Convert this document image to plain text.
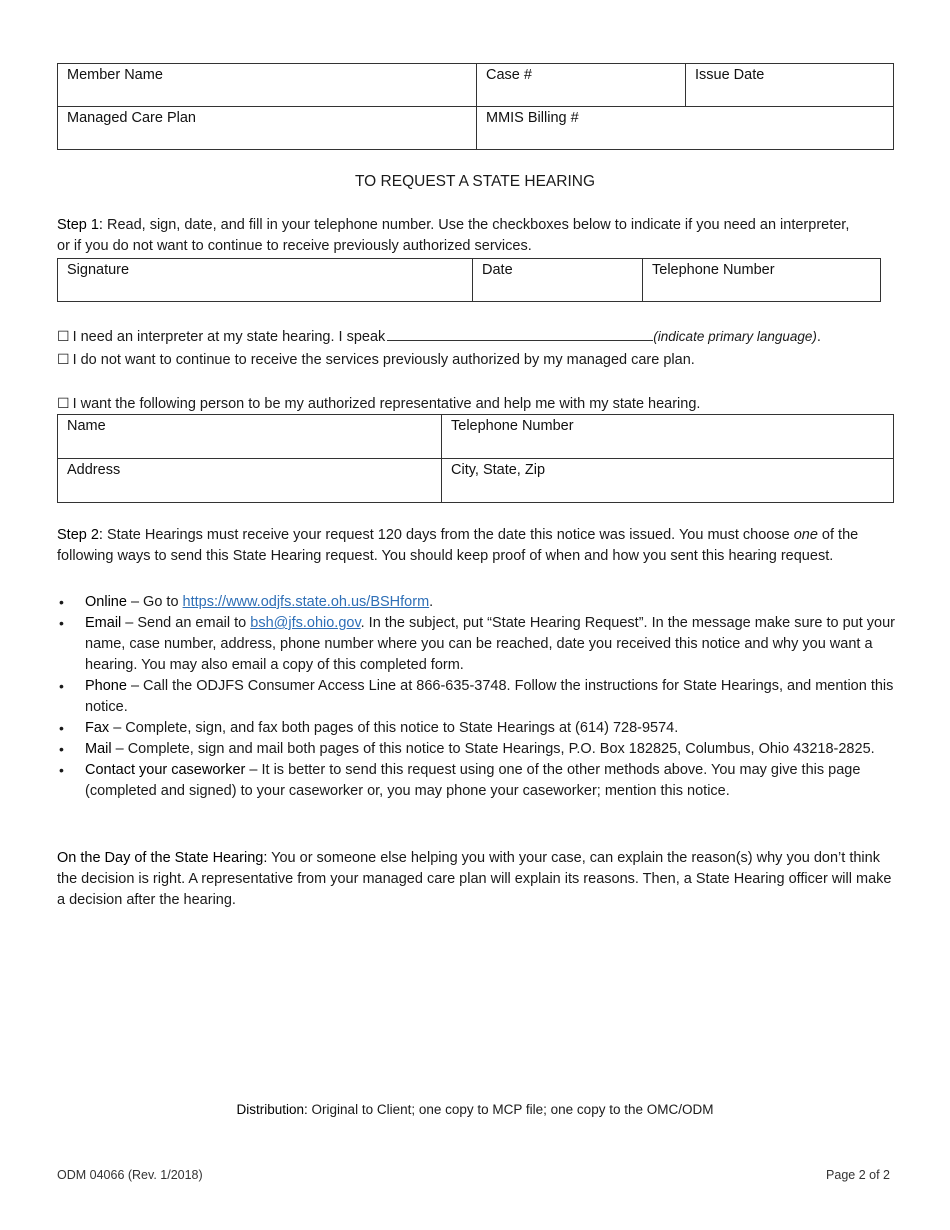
Member Name	Case #	Issue Date
Managed Care Plan	MMIS Billing #	
TO REQUEST A STATE HEARING

Step 1: Read, sign, date, and fill in your telephone number. Use the checkboxes below to indicate if you need an interpreter, or if you do not want to continue to receive previously authorized services.

Signature	Date	Telephone Number
☐ I need an interpreter at my state hearing. I speak	(indicate primary language).
☐ I do not want to continue to receive the services previously authorized by my managed care plan.
☐ I want the following person to be my authorized representative and help me with my state hearing.
Name	Telephone Number
Address	City, State, Zip

Step 2: State Hearings must receive your request 120 days from the date this notice was issued. You must choose one of the following ways to send this State Hearing request. You should keep proof of when and how you sent this hearing request.

• Online – Go to https://www.odjfs.state.oh.us/BSHform.
• Email – Send an email to bsh@jfs.ohio.gov. In the subject, put “State Hearing Request”. In the message make sure to put your name, case number, address, phone number where you can be reached, date you received this notice and why you want a hearing. You may also email a copy of this completed form.
• Phone – Call the ODJFS Consumer Access Line at 866-635-3748. Follow the instructions for State Hearings, and mention this notice.
• Fax – Complete, sign, and fax both pages of this notice to State Hearings at (614) 728-9574.
• Mail – Complete, sign and mail both pages of this notice to State Hearings, P.O. Box 182825, Columbus, Ohio 43218-2825.
• Contact your caseworker – It is better to send this request using one of the other methods above. You may give this page (completed and signed) to your caseworker or, you may phone your caseworker; mention this notice.

On the Day of the State Hearing: You or someone else helping you with your case, can explain the reason(s) why you don’t think the decision is right. A representative from your managed care plan will explain its reasons. Then, a State Hearing officer will make a decision after the hearing.

Distribution: Original to Client; one copy to MCP file; one copy to the OMC/ODM
ODM 04066 (Rev. 1/2018)	Page 2 of 2
